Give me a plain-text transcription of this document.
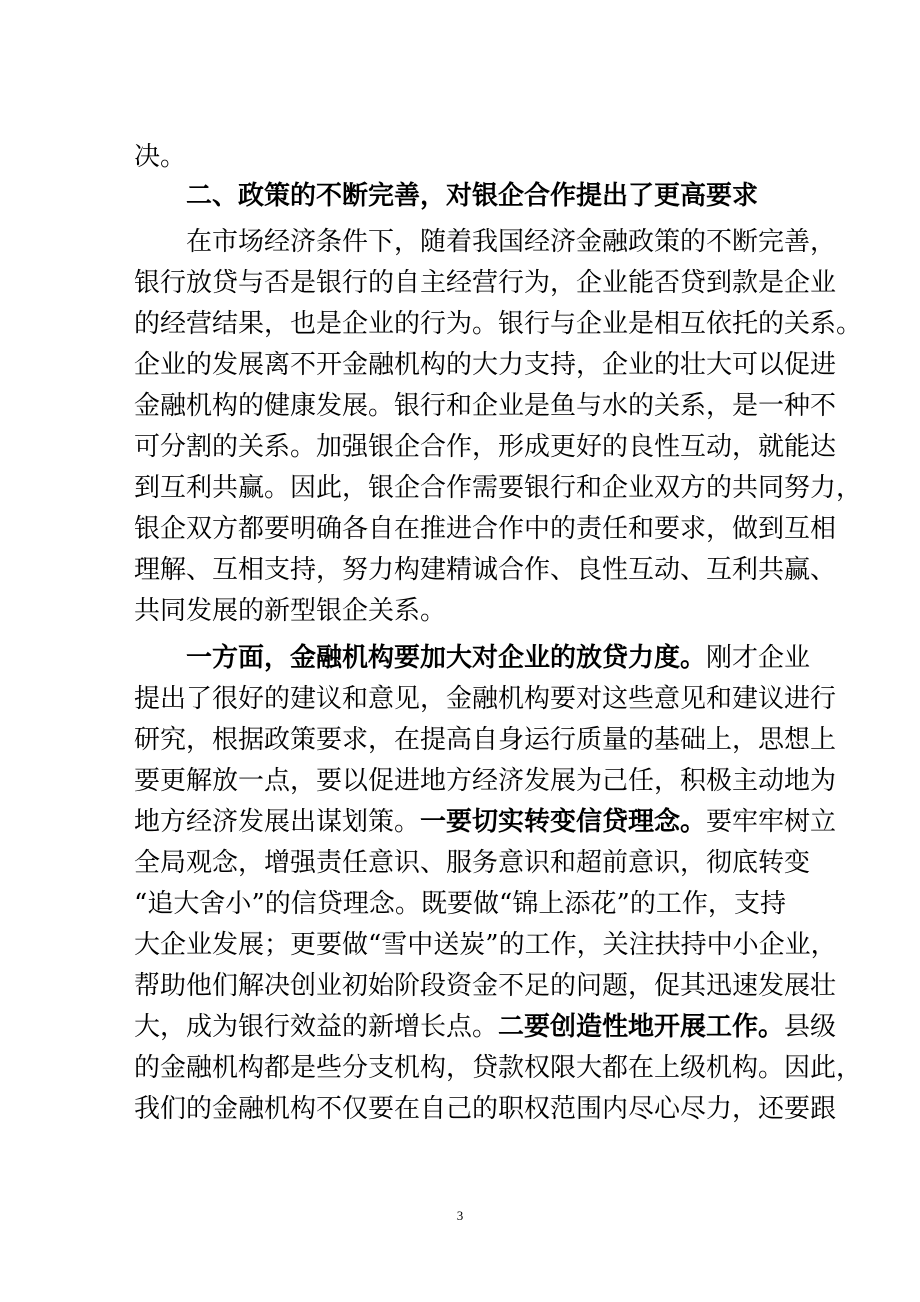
决。
二、政策的不断完善，对银企合作提出了更高要求
在市场经济条件下，随着我国经济金融政策的不断完善，
银行放贷与否是银行的自主经营行为，企业能否贷到款是企业
的经营结果，也是企业的行为。银行与企业是相互依托的关系。
企业的发展离不开金融机构的大力支持，企业的壮大可以促进
金融机构的健康发展。银行和企业是鱼与水的关系，是一种不
可分割的关系。加强银企合作，形成更好的良性互动，就能达
到互利共赢。因此，银企合作需要银行和企业双方的共同努力，
银企双方都要明确各自在推进合作中的责任和要求，做到互相
理解、互相支持，努力构建精诚合作、良性互动、互利共赢、
共同发展的新型银企关系。
一方面，金融机构要加大对企业的放贷力度。刚才企业
提出了很好的建议和意见，金融机构要对这些意见和建议进行
研究，根据政策要求，在提高自身运行质量的基础上，思想上
要更解放一点，要以促进地方经济发展为己任，积极主动地为
地方经济发展出谋划策。一要切实转变信贷理念。要牢牢树立
全局观念，增强责任意识、服务意识和超前意识，彻底转变
“追大舍小”的信贷理念。既要做“锦上添花”的工作，支持
大企业发展；更要做“雪中送炭”的工作，关注扶持中小企业，
帮助他们解决创业初始阶段资金不足的问题，促其迅速发展壮
大，成为银行效益的新增长点。二要创造性地开展工作。县级
的金融机构都是些分支机构，贷款权限大都在上级机构。因此，
我们的金融机构不仅要在自己的职权范围内尽心尽力，还要跟
3
